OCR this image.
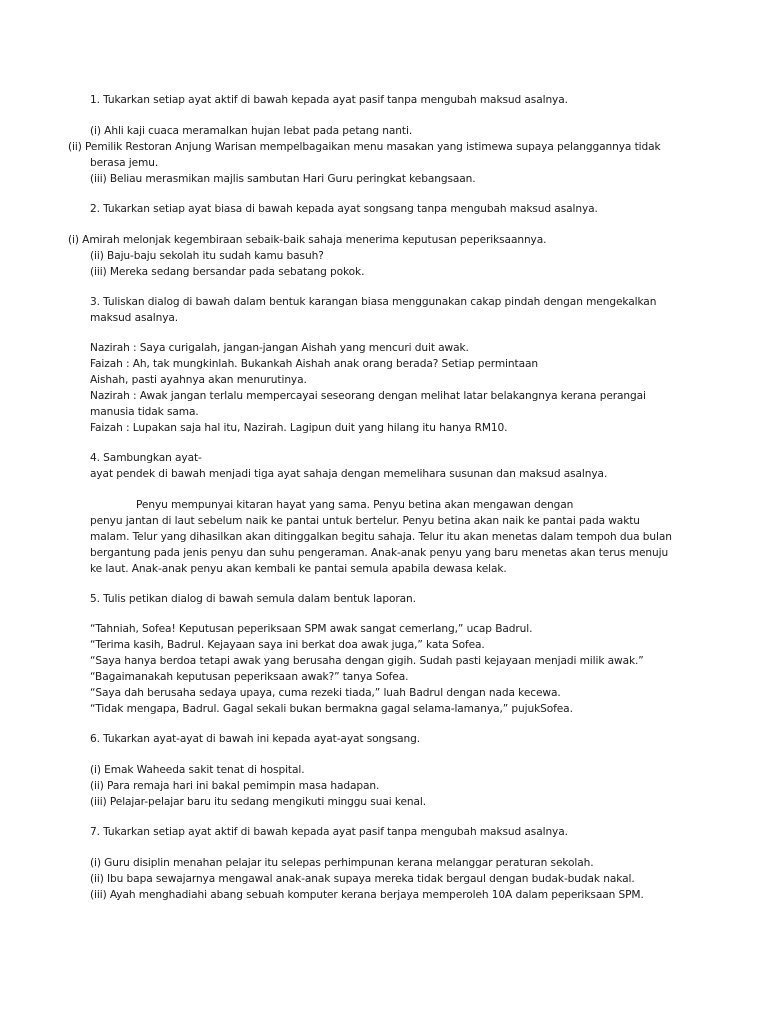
1. Tukarkan setiap ayat aktif di bawah kepada ayat pasif tanpa mengubah maksud asalnya.

(i) Ahli kaji cuaca meramalkan hujan lebat pada petang nanti.

(ii) Pemilik Restoran Anjung Warisan mempelbagaikan menu masakan yang istimewa supaya pelanggannya tidak

berasa jemu.

(iii) Beliau merasmikan majlis sambutan Hari Guru peringkat kebangsaan.

2. Tukarkan setiap ayat biasa di bawah kepada ayat songsang tanpa mengubah maksud asalnya.

(i) Amirah melonjak kegembiraan sebaik-baik sahaja menerima keputusan peperiksaannya.

(ii) Baju-baju sekolah itu sudah kamu basuh?

(iii) Mereka sedang bersandar pada sebatang pokok.

3. Tuliskan dialog di bawah dalam bentuk karangan biasa menggunakan cakap pindah dengan mengekalkan

maksud asalnya.

Nazirah : Saya curigalah, jangan-jangan Aishah yang mencuri duit awak.

Faizah : Ah, tak mungkinlah. Bukankah Aishah anak orang berada? Setiap permintaan

Aishah, pasti ayahnya akan menurutinya.

Nazirah : Awak jangan terlalu mempercayai seseorang dengan melihat latar belakangnya kerana perangai

manusia tidak sama.

Faizah : Lupakan saja hal itu, Nazirah. Lagipun duit yang hilang itu hanya RM10.

4. Sambungkan ayat-

ayat pendek di bawah menjadi tiga ayat sahaja dengan memelihara susunan dan maksud asalnya.

Penyu mempunyai kitaran hayat yang sama. Penyu betina akan mengawan dengan

penyu jantan di laut sebelum naik ke pantai untuk bertelur. Penyu betina akan naik ke pantai pada waktu

malam. Telur yang dihasilkan akan ditinggalkan begitu sahaja. Telur itu akan menetas dalam tempoh dua bulan

bergantung pada jenis penyu dan suhu pengeraman. Anak-anak penyu yang baru menetas akan terus menuju

ke laut. Anak-anak penyu akan kembali ke pantai semula apabila dewasa kelak.

5. Tulis petikan dialog di bawah semula dalam bentuk laporan.

“Tahniah, Sofea! Keputusan peperiksaan SPM awak sangat cemerlang,” ucap Badrul.

“Terima kasih, Badrul. Kejayaan saya ini berkat doa awak juga,” kata Sofea.

“Saya hanya berdoa tetapi awak yang berusaha dengan gigih. Sudah pasti kejayaan menjadi milik awak.”

“Bagaimanakah keputusan peperiksaan awak?” tanya Sofea.

“Saya dah berusaha sedaya upaya, cuma rezeki tiada,” luah Badrul dengan nada kecewa.

“Tidak mengapa, Badrul. Gagal sekali bukan bermakna gagal selama-lamanya,” pujukSofea.

6. Tukarkan ayat-ayat di bawah ini kepada ayat-ayat songsang.

(i) Emak Waheeda sakit tenat di hospital.

(ii) Para remaja hari ini bakal pemimpin masa hadapan.

(iii) Pelajar-pelajar baru itu sedang mengikuti minggu suai kenal.

7. Tukarkan setiap ayat aktif di bawah kepada ayat pasif tanpa mengubah maksud asalnya.

(i) Guru disiplin menahan pelajar itu selepas perhimpunan kerana melanggar peraturan sekolah.

(ii) Ibu bapa sewajarnya mengawal anak-anak supaya mereka tidak bergaul dengan budak-budak nakal.

(iii) Ayah menghadiahi abang sebuah komputer kerana berjaya memperoleh 10A dalam peperiksaan SPM.
